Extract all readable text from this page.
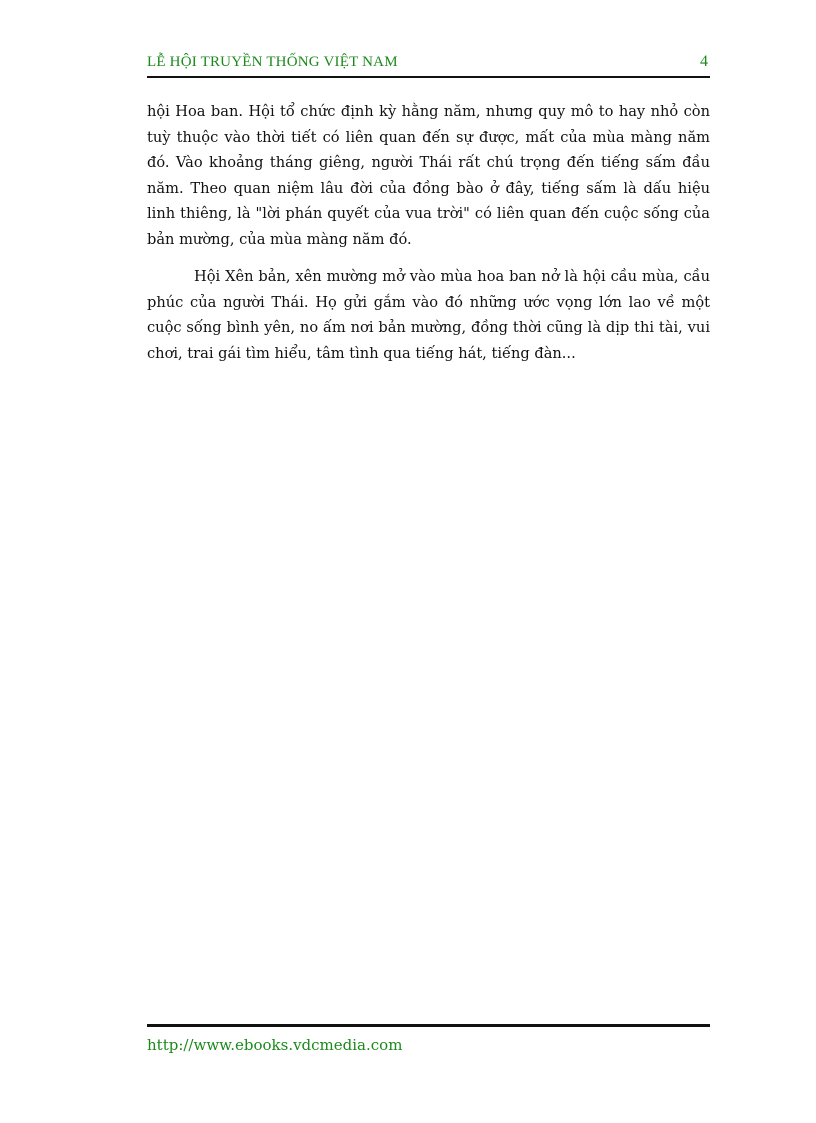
LỄ HỘI TRUYỀN THỐNG VIỆT NAM	4

hội Hoa ban. Hội tổ chức định kỳ hằng năm, nhưng quy mô to hay nhỏ còn tuỳ thuộc vào thời tiết có liên quan đến sự được, mất của mùa màng năm đó. Vào khoảng tháng giêng, người Thái rất chú trọng đến tiếng sấm đầu năm. Theo quan niệm lâu đời của đồng bào ở đây, tiếng sấm là dấu hiệu linh thiêng, là "lời phán quyết của vua trời" có liên quan đến cuộc sống của bản mường, của mùa màng năm đó.

Hội Xên bản, xên mường mở vào mùa hoa ban nở là hội cầu mùa, cầu phúc của người Thái. Họ gửi gắm vào đó những ước vọng lớn lao về một cuộc sống bình yên, no ấm nơi bản mường, đồng thời cũng là dịp thi tài, vui chơi, trai gái tìm hiểu, tâm tình qua tiếng hát, tiếng đàn...

http://www.ebooks.vdcmedia.com
